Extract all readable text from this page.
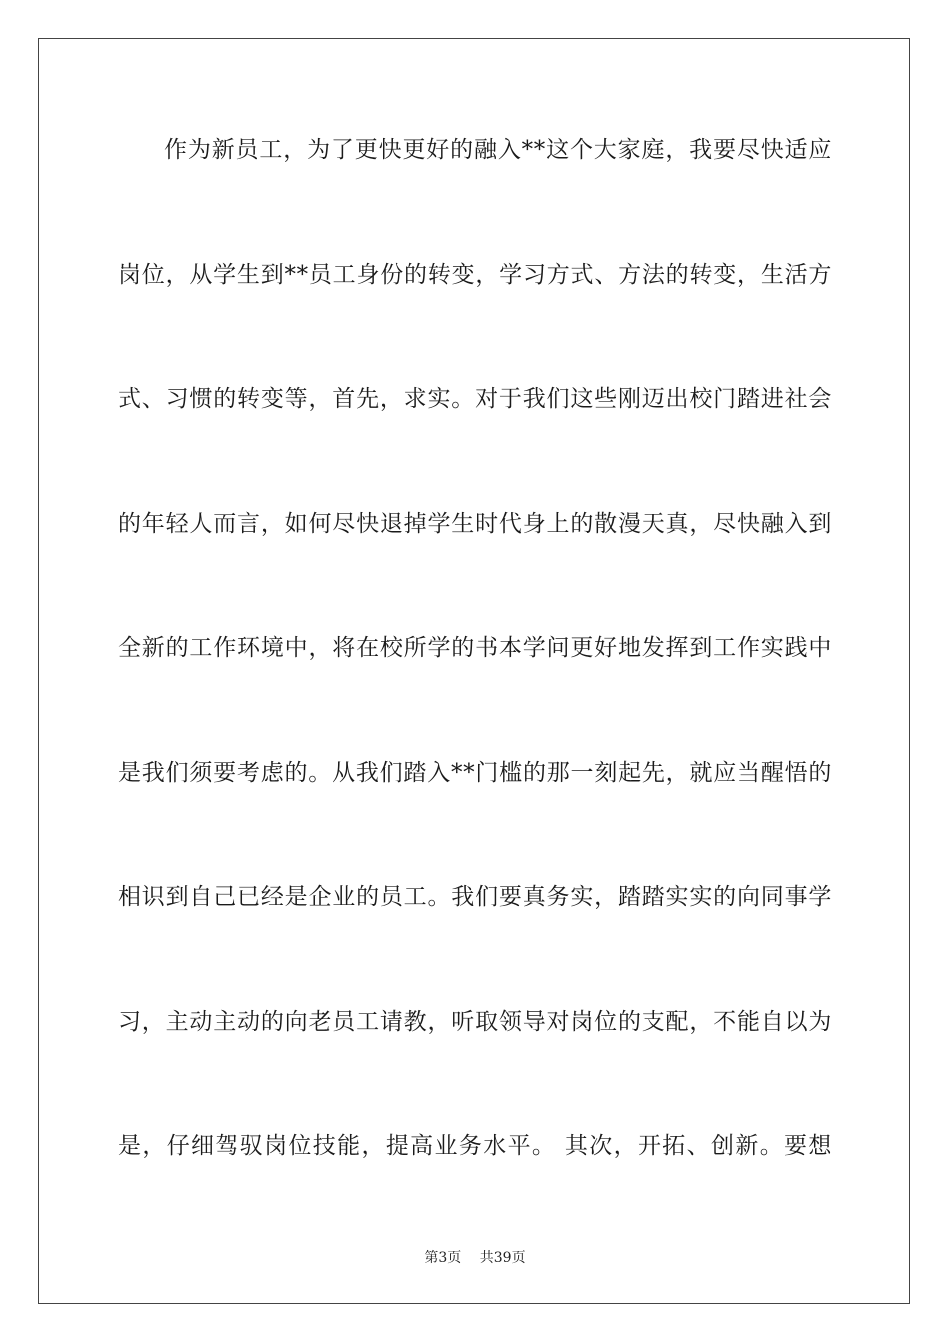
作为新员工，为了更快更好的融入**这个大家庭，我要尽快适应
岗位，从学生到**员工身份的转变，学习方式、方法的转变，生活方
式、习惯的转变等，首先，求实。对于我们这些刚迈出校门踏进社会
的年轻人而言，如何尽快退掉学生时代身上的散漫天真，尽快融入到
全新的工作环境中，将在校所学的书本学问更好地发挥到工作实践中
是我们须要考虑的。从我们踏入**门槛的那一刻起先，就应当醒悟的
相识到自己已经是企业的员工。我们要真务实，踏踏实实的向同事学
习，主动主动的向老员工请教，听取领导对岗位的支配，不能自以为
是，仔细驾驭岗位技能，提高业务水平。 其次，开拓、创新。要想
第3页 共39页
